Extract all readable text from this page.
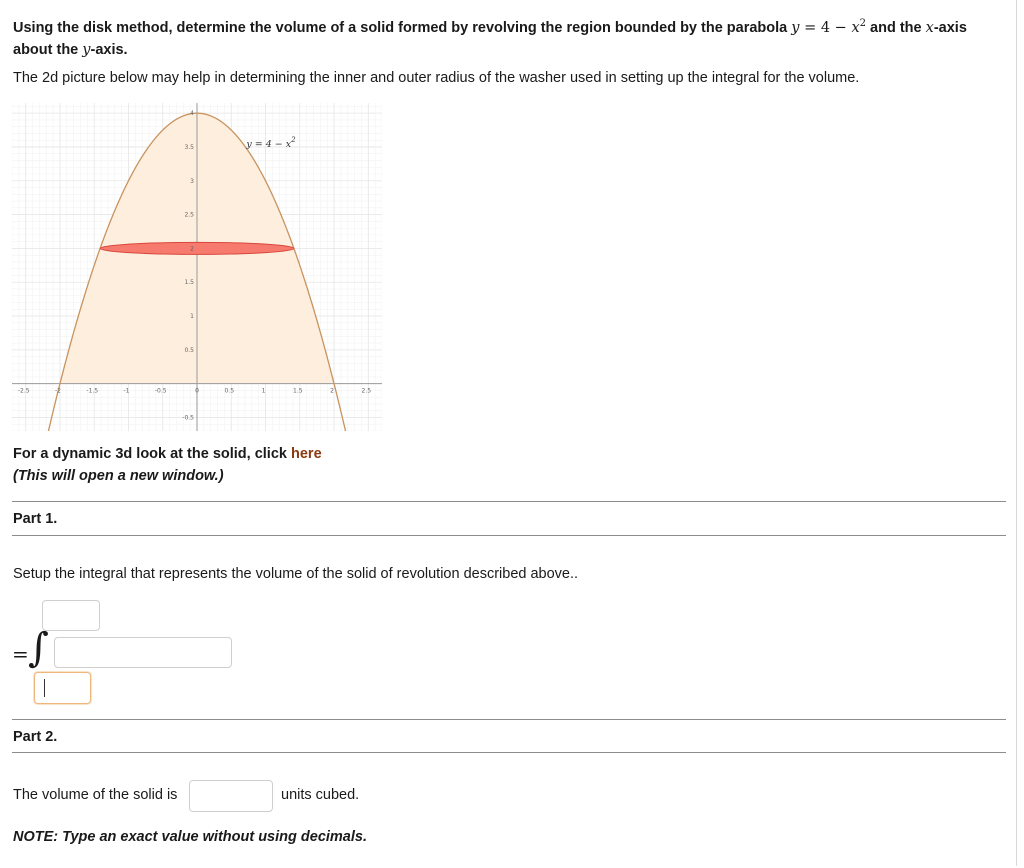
Using the disk method, determine the volume of a solid formed by revolving the region bounded by the parabola $y = 4 - x^2$ and the x-axis
about the y-axis.
The 2d picture below may help in determining the inner and outer radius of the washer used in setting up the integral for the volume.
-2.5	-2	-1.5	-1	-0.5	0	0.5	1	1.5	2	2.5
-0.5
0.5
1
1.5
2
2.5
3
3.5
4
$y = 4 - x^2$
For a dynamic 3d look at the solid, click here
(This will open a new window.)
Part 1.
Setup the integral that represents the volume of the solid of revolution described above..
= ∫
Part 2.
The volume of the solid is	units cubed.
NOTE: Type an exact value without using decimals.
